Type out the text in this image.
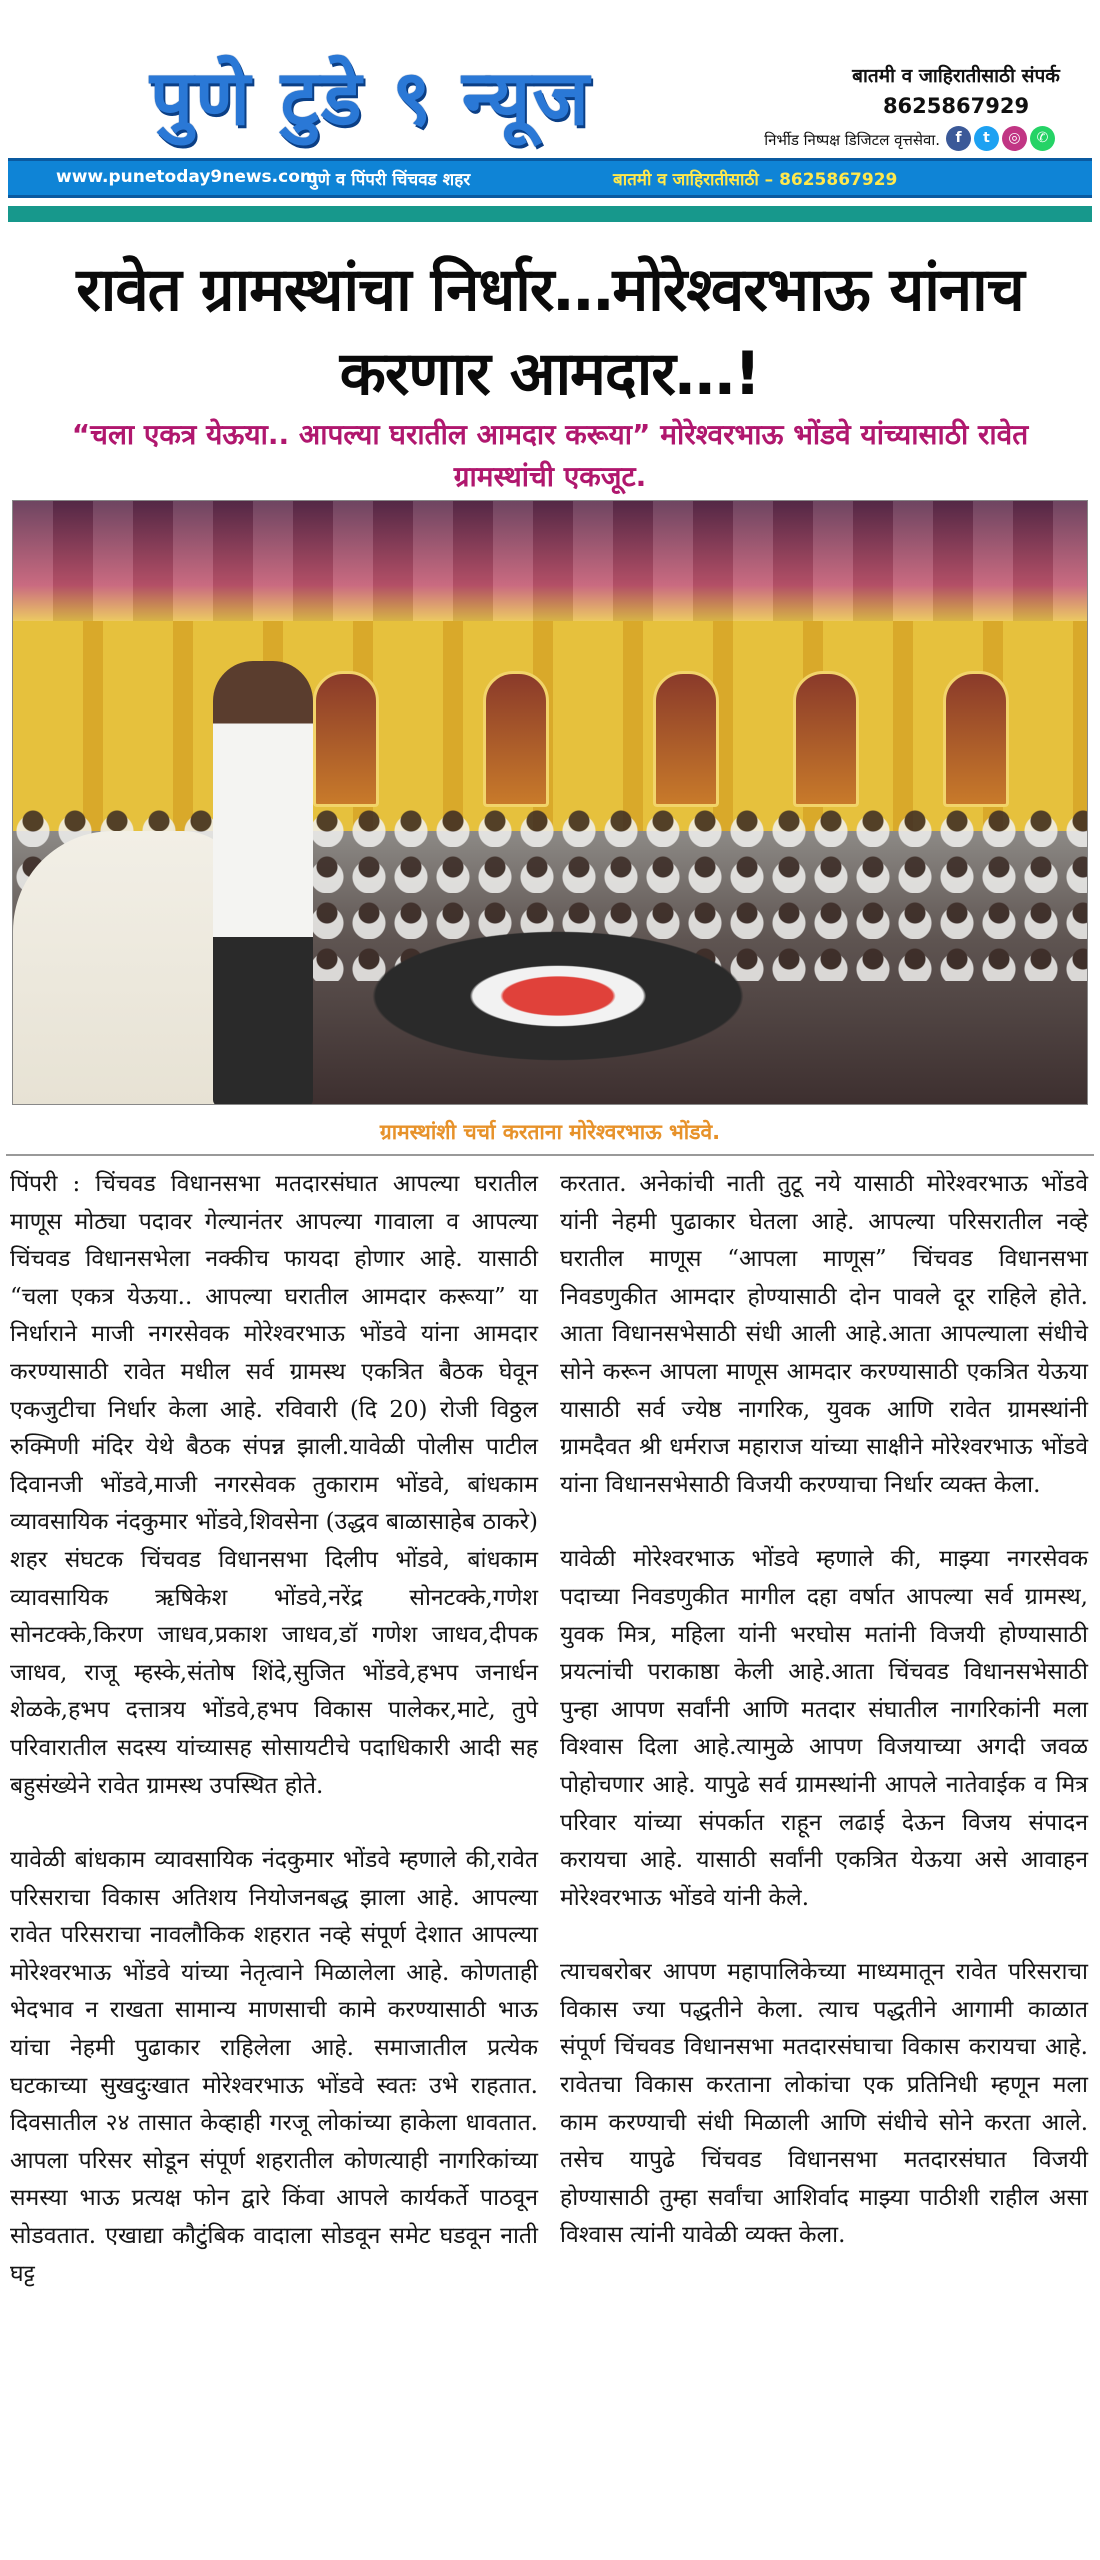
पुणे टुडे ९ न्यूज	बातमी व जाहिरातीसाठी संपर्क
8625867929
निर्भीड निष्पक्ष डिजिटल वृत्तसेवा.	f	t	◎	✆
www.punetoday9news.com
पुणे व पिंपरी चिंचवड शहर	बातमी व जाहिरातीसाठी – 8625867929
रावेत ग्रामस्थांचा निर्धार…मोरेश्वरभाऊ यांनाच करणार आमदार…!
“चला एकत्र येऊया.. आपल्या घरातील आमदार करूया” मोरेश्वरभाऊ भोंडवे यांच्यासाठी रावेत ग्रामस्थांची एकजूट.
ग्रामस्थांशी चर्चा करताना मोरेश्वरभाऊ भोंडवे.

पिंपरी : चिंचवड विधानसभा मतदारसंघात आपल्या घरातील माणूस मोठ्या पदावर गेल्यानंतर आपल्या गावाला व आपल्या चिंचवड विधानसभेला नक्कीच फायदा होणार आहे. यासाठी “चला एकत्र येऊया.. आपल्या घरातील आमदार करूया” या निर्धाराने माजी नगरसेवक मोरेश्वरभाऊ भोंडवे यांना आमदार करण्यासाठी रावेत मधील सर्व ग्रामस्थ एकत्रित बैठक घेवून एकजुटीचा निर्धार केला आहे. रविवारी (दि 20) रोजी विठ्ठल रुक्मिणी मंदिर येथे बैठक संपन्न झाली.यावेळी पोलीस पाटील दिवानजी भोंडवे,माजी नगरसेवक तुकाराम भोंडवे, बांधकाम व्यावसायिक नंदकुमार भोंडवे,शिवसेना (उद्धव बाळासाहेब ठाकरे) शहर संघटक चिंचवड विधानसभा दिलीप भोंडवे, बांधकाम व्यावसायिक ऋषिकेश भोंडवे,नरेंद्र सोनटक्के,गणेश सोनटक्के,किरण जाधव,प्रकाश जाधव,डॉ गणेश जाधव,दीपक जाधव, राजू म्हस्के,संतोष शिंदे,सुजित भोंडवे,हभप जनार्धन शेळके,हभप दत्तात्रय भोंडवे,हभप विकास पालेकर,माटे, तुपे परिवारातील सदस्य यांच्यासह सोसायटीचे पदाधिकारी आदी सह बहुसंख्येने रावेत ग्रामस्थ उपस्थित होते.

यावेळी बांधकाम व्यावसायिक नंदकुमार भोंडवे म्हणाले की,रावेत परिसराचा विकास अतिशय नियोजनबद्ध झाला आहे. आपल्या रावेत परिसराचा नावलौकिक शहरात नव्हे संपूर्ण देशात आपल्या मोरेश्वरभाऊ भोंडवे यांच्या नेतृत्वाने मिळालेला आहे. कोणताही भेदभाव न राखता सामान्य माणसाची कामे करण्यासाठी भाऊ यांचा नेहमी पुढाकार राहिलेला आहे. समाजातील प्रत्येक घटकाच्या सुखदुःखात मोरेश्वरभाऊ भोंडवे स्वतः उभे राहतात. दिवसातील २४ तासात केव्हाही गरजू लोकांच्या हाकेला धावतात. आपला परिसर सोडून संपूर्ण शहरातील कोणत्याही नागरिकांच्या समस्या भाऊ प्रत्यक्ष फोन द्वारे किंवा आपले कार्यकर्ते पाठवून सोडवतात. एखाद्या कौटुंबिक वादाला सोडवून समेट घडवून नाती घट्ट

करतात. अनेकांची नाती तुटू नये यासाठी मोरेश्वरभाऊ भोंडवे यांनी नेहमी पुढाकार घेतला आहे. आपल्या परिसरातील नव्हे घरातील माणूस “आपला माणूस” चिंचवड विधानसभा निवडणुकीत आमदार होण्यासाठी दोन पावले दूर राहिले होते. आता विधानसभेसाठी संधी आली आहे.आता आपल्याला संधीचे सोने करून आपला माणूस आमदार करण्यासाठी एकत्रित येऊया यासाठी सर्व ज्येष्ठ नागरिक, युवक आणि रावेत ग्रामस्थांनी ग्रामदैवत श्री धर्मराज महाराज यांच्या साक्षीने मोरेश्वरभाऊ भोंडवे यांना विधानसभेसाठी विजयी करण्याचा निर्धार व्यक्त केला.

यावेळी मोरेश्वरभाऊ भोंडवे म्हणाले की, माझ्या नगरसेवक पदाच्या निवडणुकीत मागील दहा वर्षात आपल्या सर्व ग्रामस्थ, युवक मित्र, महिला यांनी भरघोस मतांनी विजयी होण्यासाठी प्रयत्नांची पराकाष्ठा केली आहे.आता चिंचवड विधानसभेसाठी पुन्हा आपण सर्वांनी आणि मतदार संघातील नागरिकांनी मला विश्वास दिला आहे.त्यामुळे आपण विजयाच्या अगदी जवळ पोहोचणार आहे. यापुढे सर्व ग्रामस्थांनी आपले नातेवाईक व मित्र परिवार यांच्या संपर्कात राहून लढाई देऊन विजय संपादन करायचा आहे. यासाठी सर्वांनी एकत्रित येऊया असे आवाहन मोरेश्वरभाऊ भोंडवे यांनी केले.

त्याचबरोबर आपण महापालिकेच्या माध्यमातून रावेत परिसराचा विकास ज्या पद्धतीने केला. त्याच पद्धतीने आगामी काळात संपूर्ण चिंचवड विधानसभा मतदारसंघाचा विकास करायचा आहे. रावेतचा विकास करताना लोकांचा एक प्रतिनिधी म्हणून मला काम करण्याची संधी मिळाली आणि संधीचे सोने करता आले. तसेच यापुढे चिंचवड विधानसभा मतदारसंघात विजयी होण्यासाठी तुम्हा सर्वांचा आशिर्वाद माझ्या पाठीशी राहील असा विश्वास त्यांनी यावेळी व्यक्त केला.
